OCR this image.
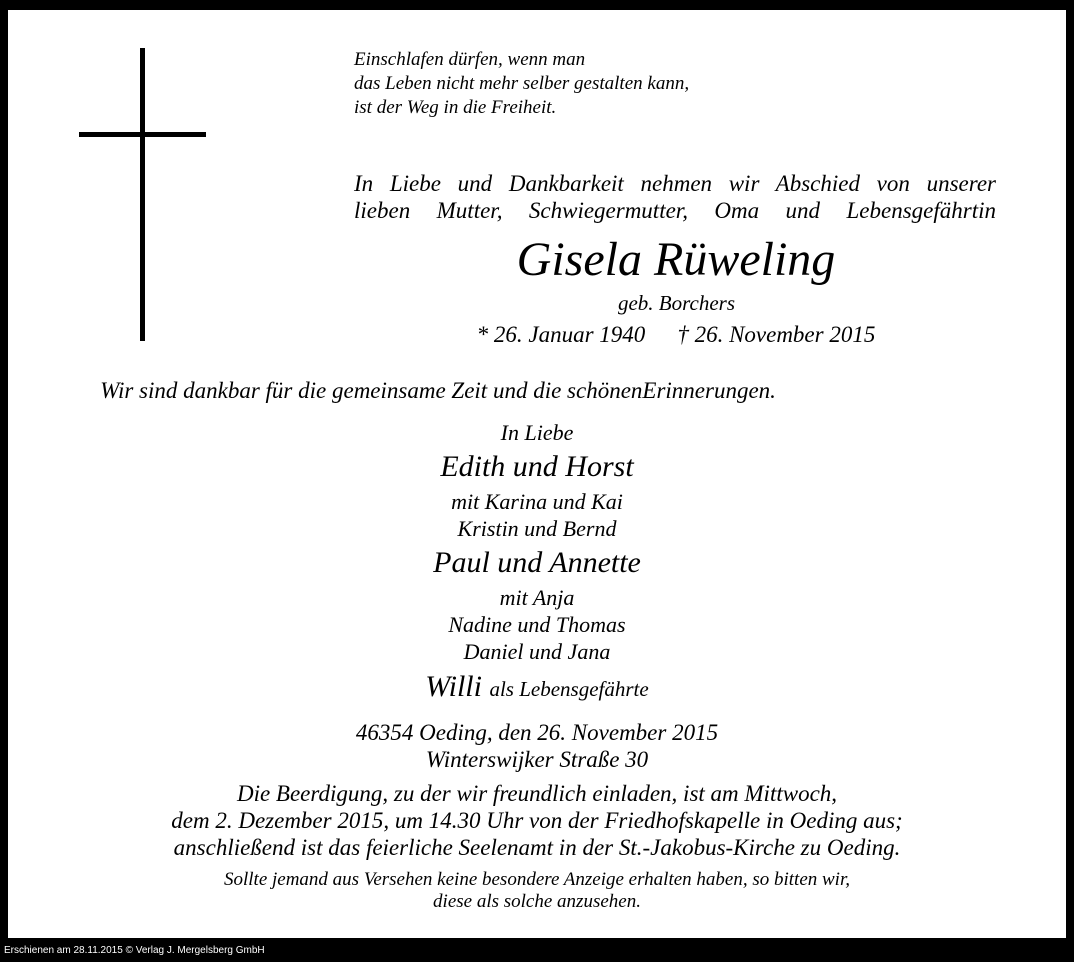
Einschlafen dürfen, wenn man
das Leben nicht mehr selber gestalten kann,
ist der Weg in die Freiheit.
In Liebe und Dankbarkeit nehmen wir Abschied von unserer
lieben Mutter, Schwiegermutter, Oma und Lebensgefährtin
Gisela Rüweling
geb. Borchers
* 26. Januar 1940 † 26. November 2015
Wir sind dankbar für die gemeinsame Zeit und die schönenErinnerungen.
In Liebe
Edith und Horst
mit Karina und Kai
Kristin und Bernd
Paul und Annette
mit Anja
Nadine und Thomas
Daniel und Jana
Willi als Lebensgefährte
46354 Oeding, den 26. November 2015
Winterswijker Straße 30
Die Beerdigung, zu der wir freundlich einladen, ist am Mittwoch,
dem 2. Dezember 2015, um 14.30 Uhr von der Friedhofskapelle in Oeding aus;
anschließend ist das feierliche Seelenamt in der St.-Jakobus-Kirche zu Oeding.
Sollte jemand aus Versehen keine besondere Anzeige erhalten haben, so bitten wir,
diese als solche anzusehen.
Erschienen am 28.11.2015 © Verlag J. Mergelsberg GmbH
